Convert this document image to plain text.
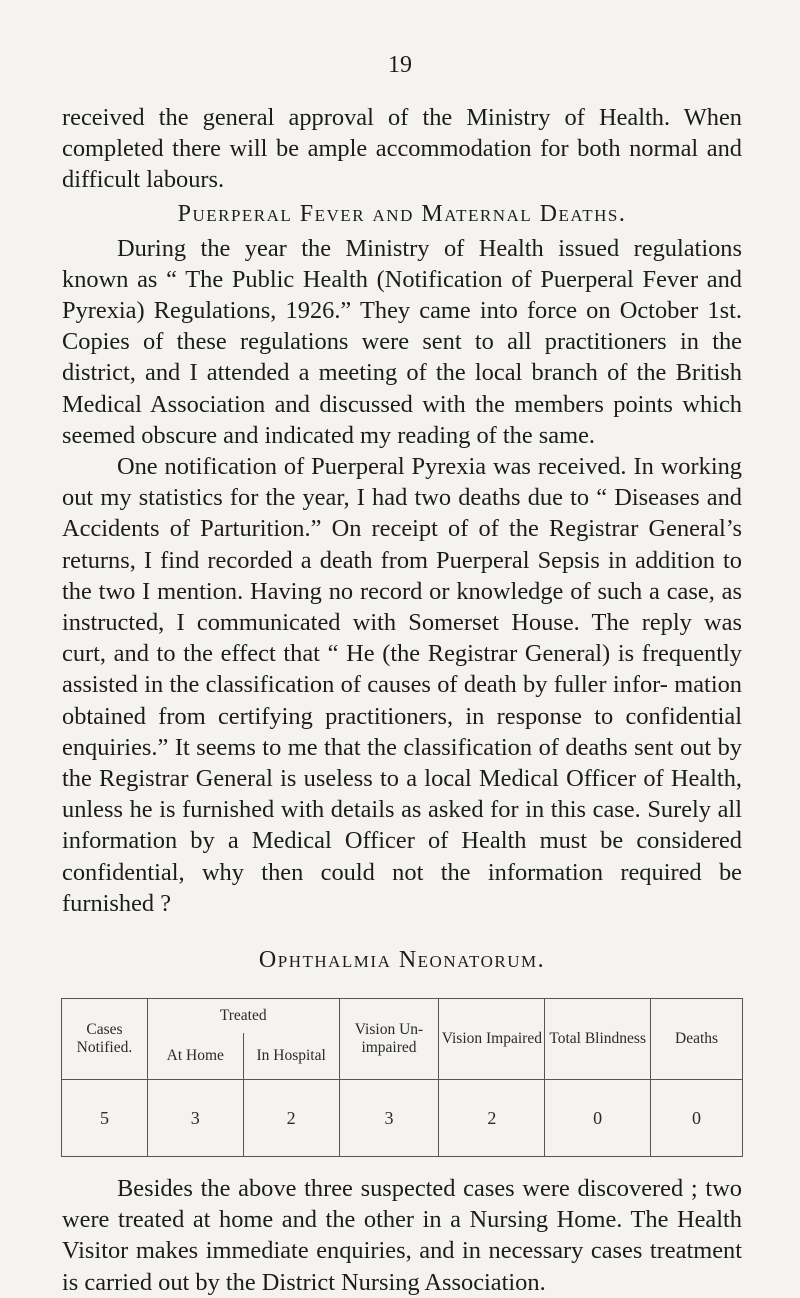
19

received the general approval of the Ministry of Health. When completed there will be ample accommodation for both normal and difficult labours.

Puerperal Fever and Maternal Deaths.

During the year the Ministry of Health issued regulations known as “ The Public Health (Notification of Puerperal Fever and Pyrexia) Regulations, 1926.” They came into force on October 1st. Copies of these regulations were sent to all practitioners in the district, and I attended a meeting of the local branch of the British Medical Association and discussed with the members points which seemed obscure and indicated my reading of the same.

One notification of Puerperal Pyrexia was received. In working out my statistics for the year, I had two deaths due to “ Diseases and Accidents of Parturition.” On receipt of of the Registrar General’s returns, I find recorded a death from Puerperal Sepsis in addition to the two I mention. Having no record or knowledge of such a case, as instructed, I communicated with Somerset House. The reply was curt, and to the effect that “ He (the Registrar General) is frequently assisted in the classification of causes of death by fuller infor- mation obtained from certifying practitioners, in response to confidential enquiries.” It seems to me that the classification of deaths sent out by the Registrar General is useless to a local Medical Officer of Health, unless he is furnished with details as asked for in this case. Surely all information by a Medical Officer of Health must be considered confidential, why then could not the information required be furnished ?

Ophthalmia Neonatorum.
Cases Notified.	Treated		Vision Un- impaired	Vision Impaired	Total Blindness	Deaths
	At Home	In Hospital				
5	3	2	3	2	0	0

Besides the above three suspected cases were discovered ; two were treated at home and the other in a Nursing Home. The Health Visitor makes immediate enquiries, and in necessary cases treatment is carried out by the District Nursing Association.
